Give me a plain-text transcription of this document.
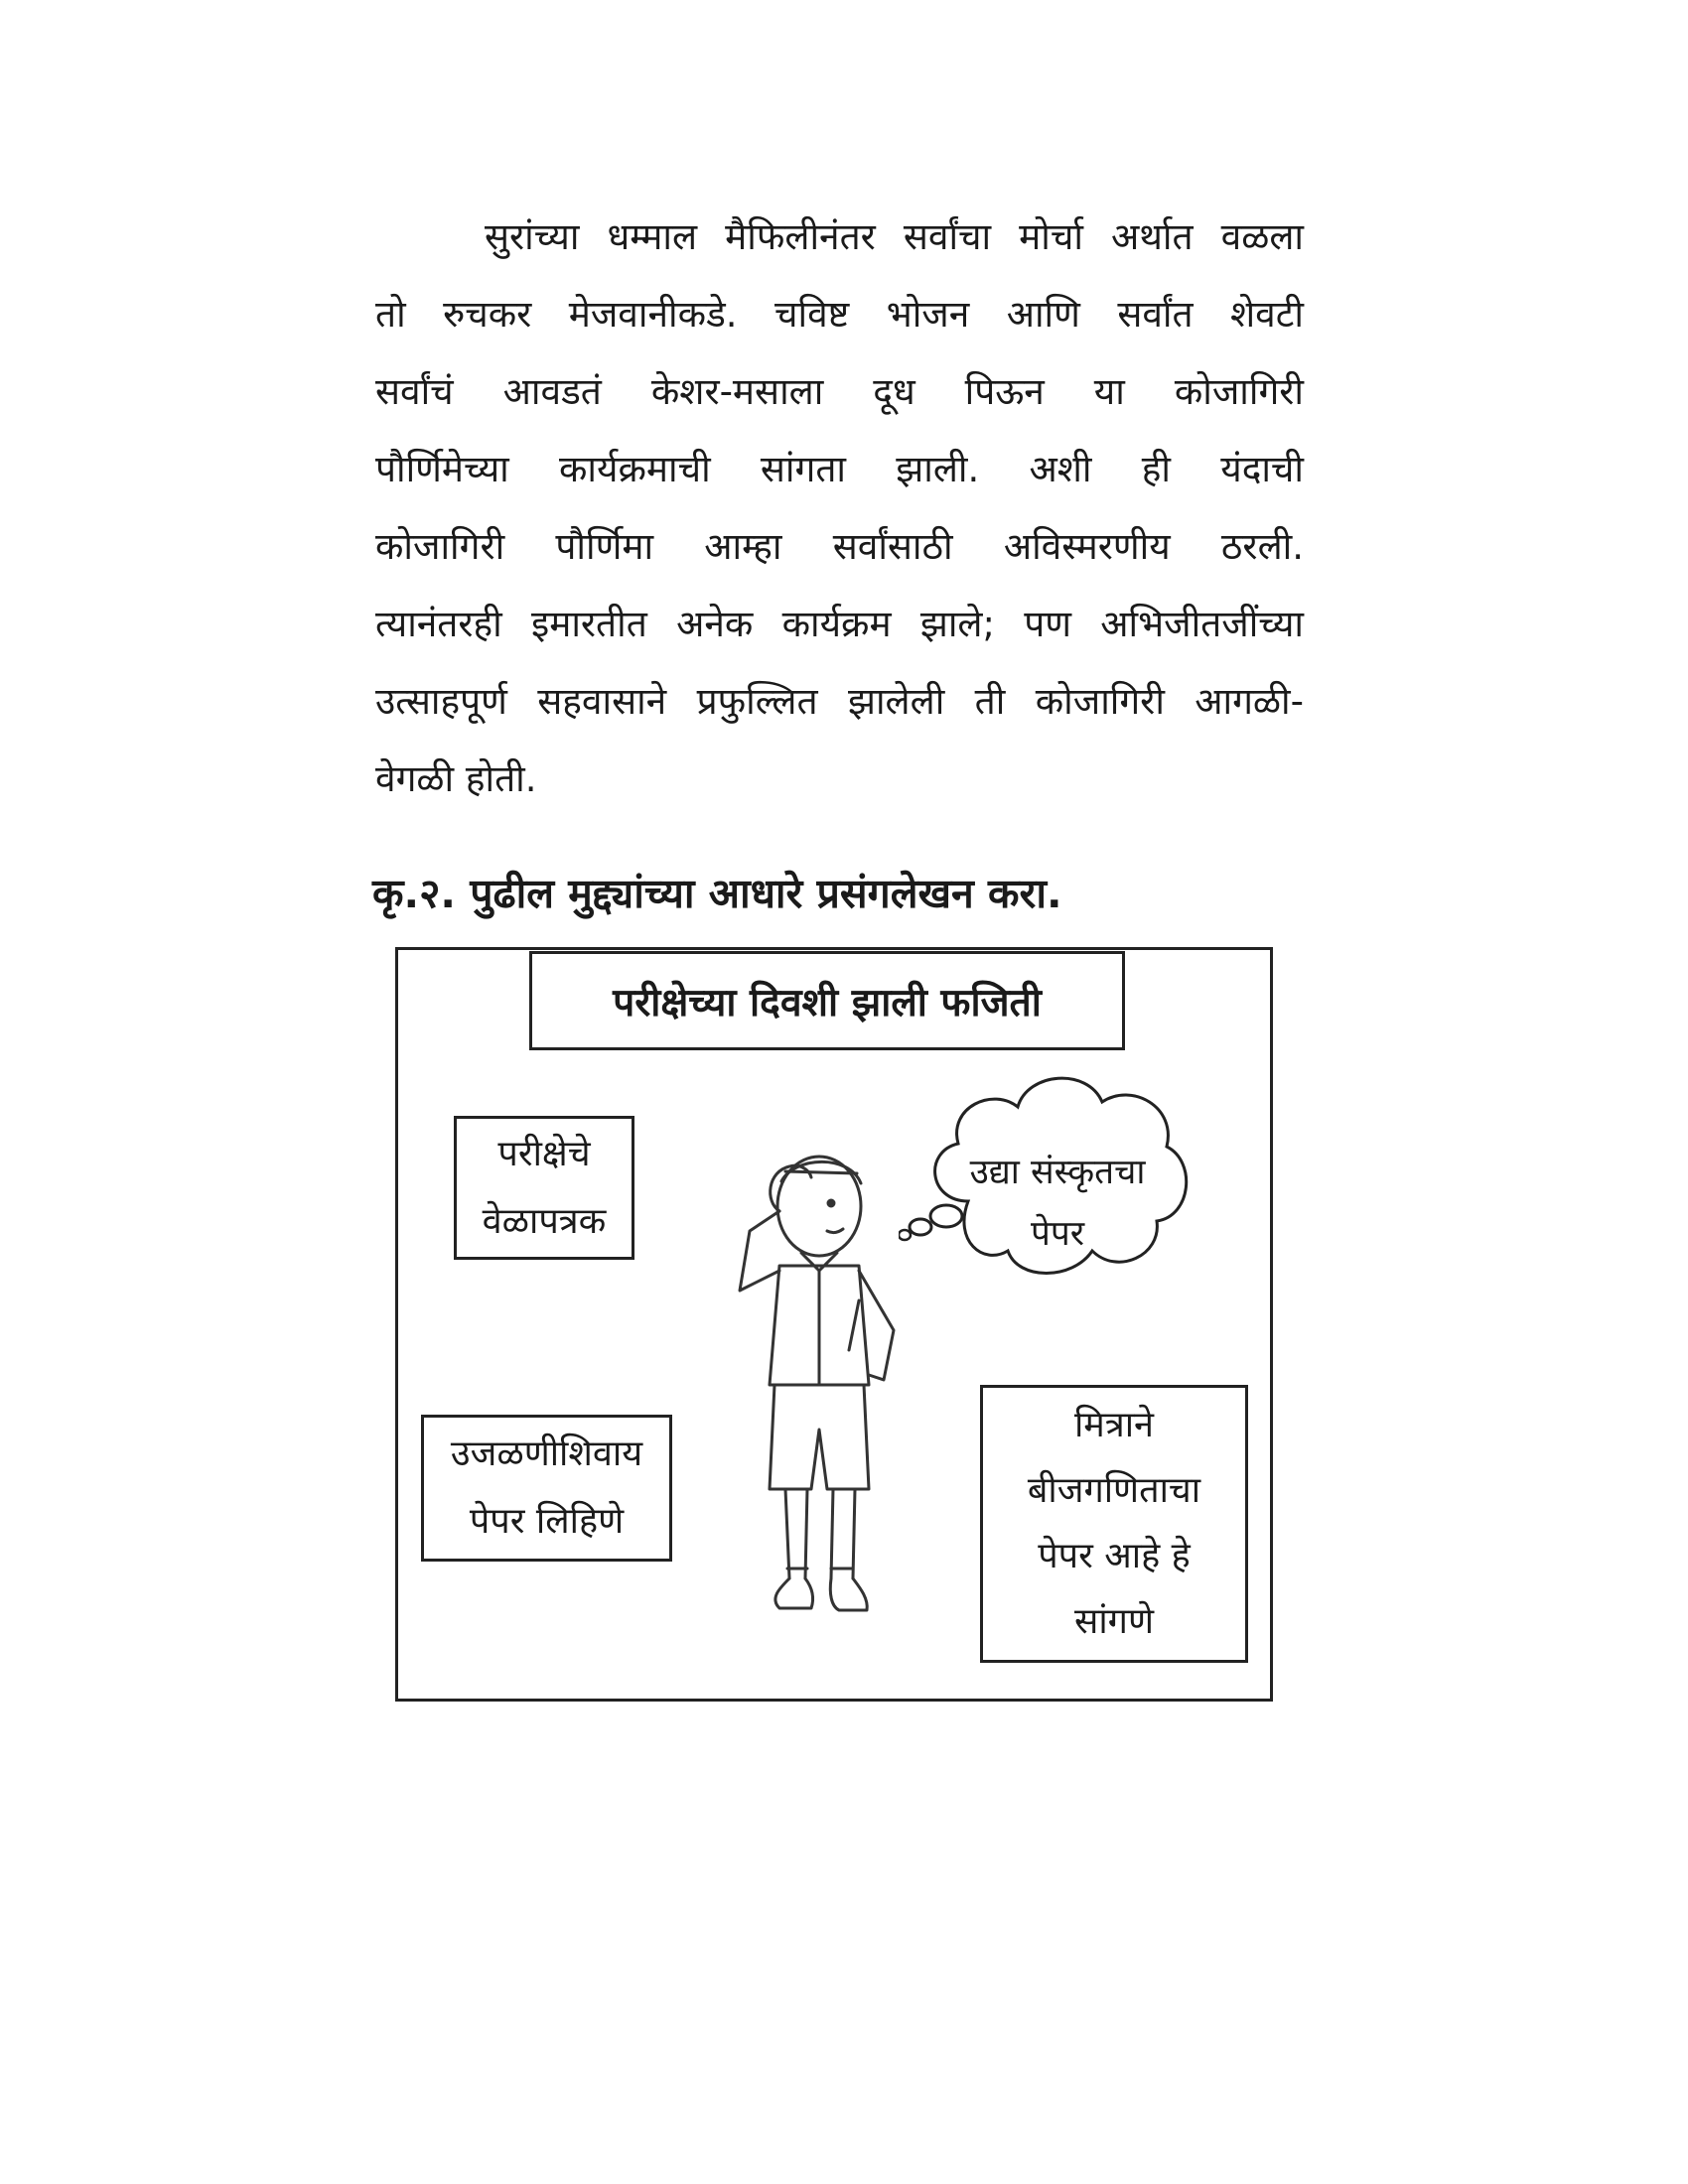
सुरांच्या धम्माल मैफिलीनंतर सर्वांचा मोर्चा अर्थात वळला
तो रुचकर मेजवानीकडे. चविष्ट भोजन आणि सर्वांत शेवटी
सर्वांचं आवडतं केशर-मसाला दूध पिऊन या कोजागिरी
पौर्णिमेच्या कार्यक्रमाची सांगता झाली. अशी ही यंदाची
कोजागिरी पौर्णिमा आम्हा सर्वांसाठी अविस्मरणीय ठरली.
त्यानंतरही इमारतीत अनेक कार्यक्रम झाले; पण अभिजीतजींच्या
उत्साहपूर्ण सहवासाने प्रफुल्लित झालेली ती कोजागिरी आगळी-
वेगळी होती.
कृ.२. पुढील मुद्द्यांच्या आधारे प्रसंगलेखन करा.
परीक्षेच्या दिवशी झाली फजिती
परीक्षेचे
वेळापत्रक
उद्या संस्कृतचा
पेपर
उजळणीशिवाय
पेपर लिहिणे
मित्राने
बीजगणिताचा
पेपर आहे हे
सांगणे
